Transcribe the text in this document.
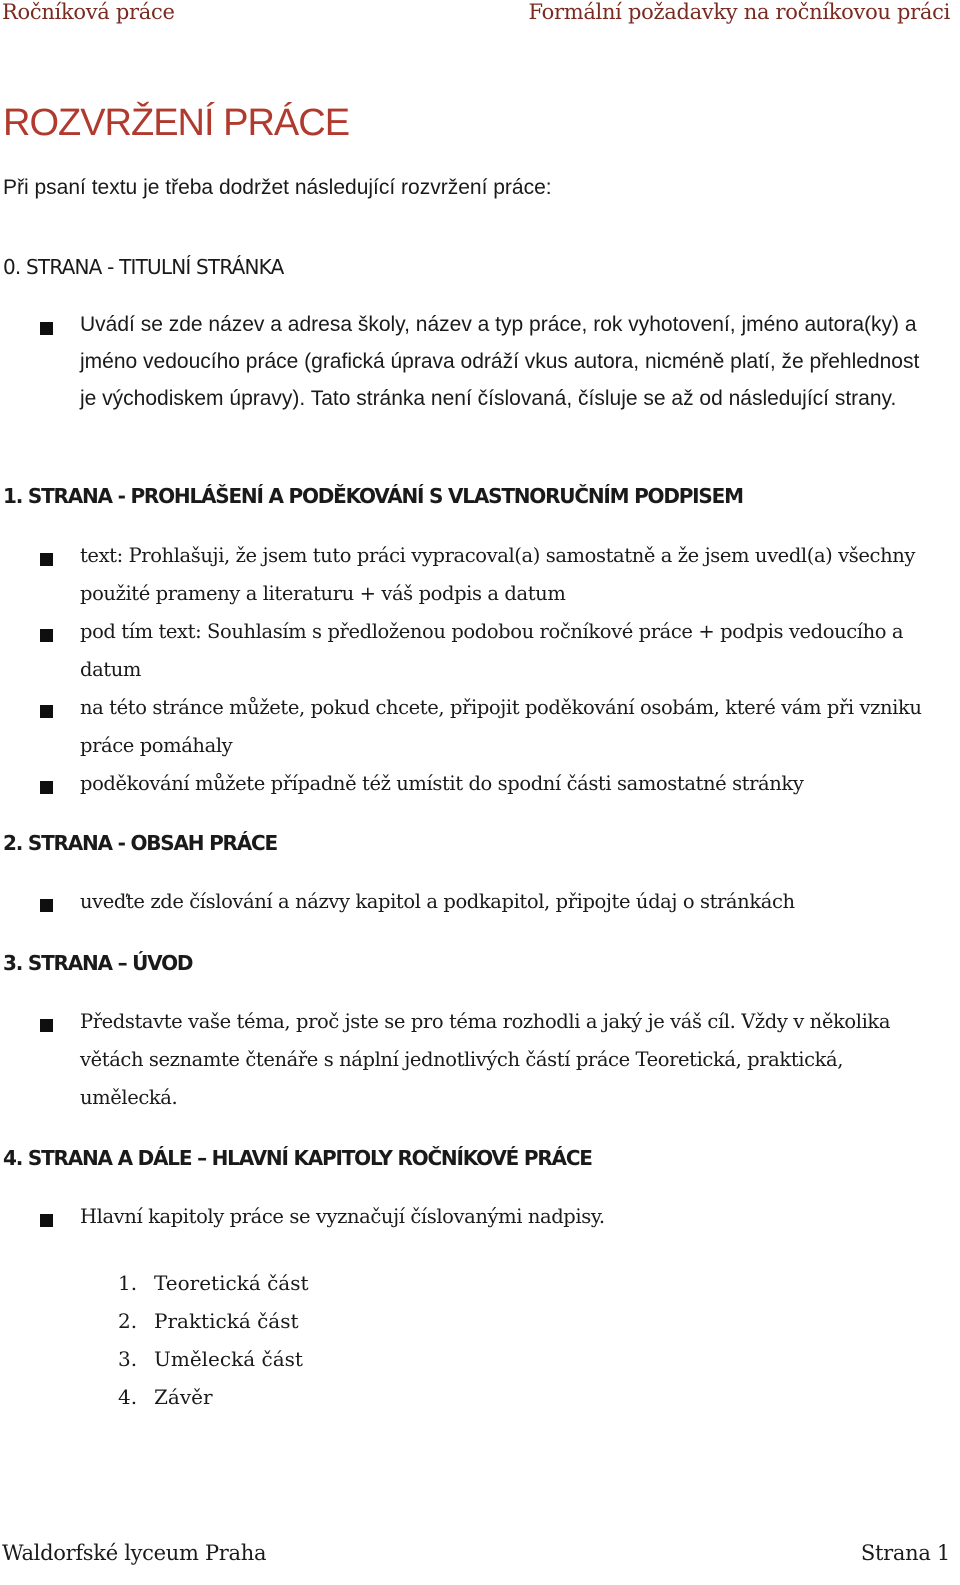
Ročníková práce	Formální požadavky na ročníkovou práci
ROZVRŽENÍ PRÁCE

Při psaní textu je třeba dodržet následující rozvržení práce:

0. STRANA - TITULNÍ STRÁNKA
Uvádí se zde název a adresa školy, název a typ práce, rok vyhotovení, jméno autora(ky) a jméno vedoucího práce (grafická úprava odráží vkus autora, nicméně platí, že přehlednost je východiskem úpravy). Tato stránka není číslovaná, čísluje se až od následující strany.
1. STRANA - PROHLÁŠENÍ A PODĚKOVÁNÍ S VLASTNORUČNÍM PODPISEM
text: Prohlašuji, že jsem tuto práci vypracoval(a) samostatně a že jsem uvedl(a) všechny použité prameny a literaturu + váš podpis a datum
pod tím text: Souhlasím s předloženou podobou ročníkové práce + podpis vedoucího a datum
na této stránce můžete, pokud chcete, připojit poděkování osobám, které vám při vzniku práce pomáhaly
poděkování můžete případně též umístit do spodní části samostatné stránky
2. STRANA - OBSAH PRÁCE
uveďte zde číslování a názvy kapitol a podkapitol, připojte údaj o stránkách
3. STRANA – ÚVOD
Představte vaše téma, proč jste se pro téma rozhodli a jaký je váš cíl. Vždy v několika větách seznamte čtenáře s náplní jednotlivých částí práce Teoretická, praktická, umělecká.
4. STRANA A DÁLE – HLAVNÍ KAPITOLY ROČNÍKOVÉ PRÁCE
Hlavní kapitoly práce se vyznačují číslovanými nadpisy.
1. Teoretická část
2. Praktická část
3. Umělecká část
4. Závěr
Waldorfské lyceum Praha	Strana 1
